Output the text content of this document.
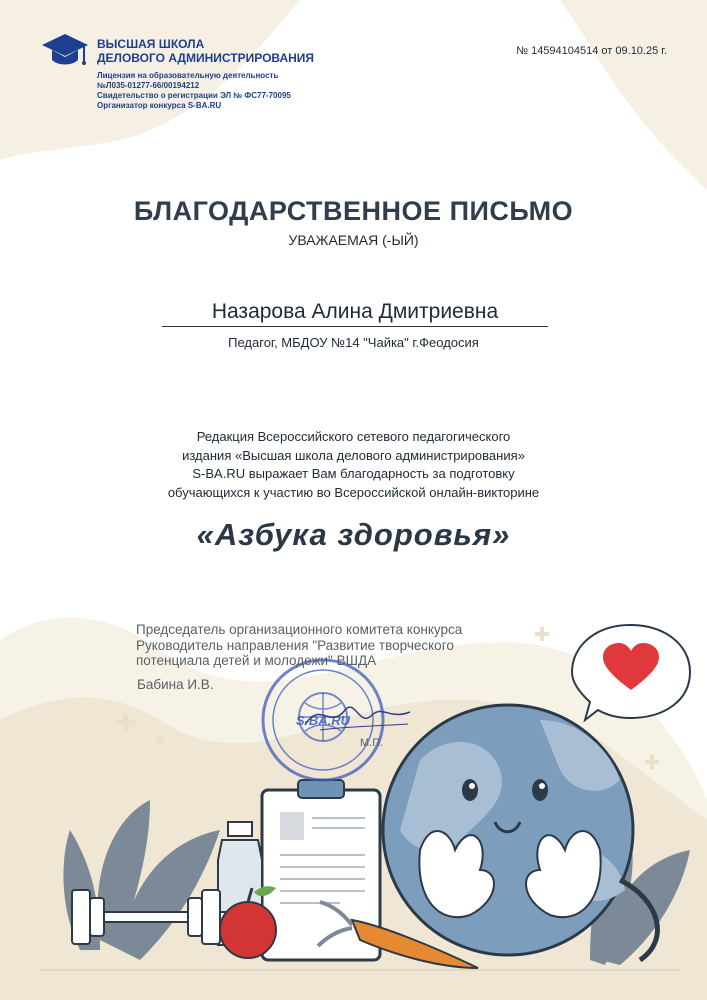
ВЫСШАЯ ШКОЛА
ДЕЛОВОГО АДМИНИСТРИРОВАНИЯ
Лицензия на образовательную деятельность
№Л035-01277-66/00194212
Свидетельство о регистрации ЭЛ № ФС77-70095
Организатор конкурса S-BA.RU
№ 14594104514 от 09.10.25 г.
БЛАГОДАРСТВЕННОЕ ПИСЬМО
УВАЖАЕМАЯ (-ЫЙ)
Назарова Алина Дмитриевна
Педагог, МБДОУ №14 "Чайка" г.Феодосия
Редакция Всероссийского сетевого педагогического
издания «Высшая школа делового администрирования»
S-BA.RU выражает Вам благодарность за подготовку
обучающихся к участию во Всероссийской онлайн-викторине
«Азбука здоровья»
S-BA.RU
Председатель организационного комитета конкурса
Руководитель направления "Развитие творческого
потенциала детей и молодежи" ВШДА
Бабина И.В.
М.П.
